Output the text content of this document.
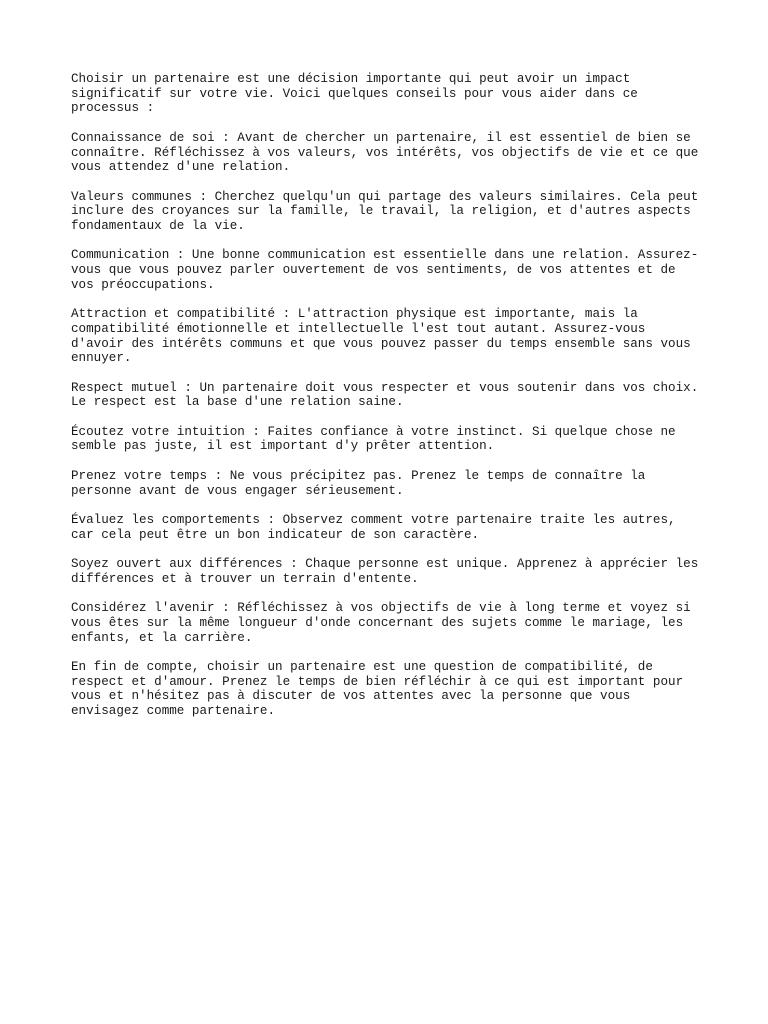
Choisir un partenaire est une décision importante qui peut avoir un impact
significatif sur votre vie. Voici quelques conseils pour vous aider dans ce
processus :

Connaissance de soi : Avant de chercher un partenaire, il est essentiel de bien se
connaître. Réfléchissez à vos valeurs, vos intérêts, vos objectifs de vie et ce que
vous attendez d'une relation.

Valeurs communes : Cherchez quelqu'un qui partage des valeurs similaires. Cela peut
inclure des croyances sur la famille, le travail, la religion, et d'autres aspects
fondamentaux de la vie.

Communication : Une bonne communication est essentielle dans une relation. Assurez-
vous que vous pouvez parler ouvertement de vos sentiments, de vos attentes et de
vos préoccupations.

Attraction et compatibilité : L'attraction physique est importante, mais la
compatibilité émotionnelle et intellectuelle l'est tout autant. Assurez-vous
d'avoir des intérêts communs et que vous pouvez passer du temps ensemble sans vous
ennuyer.

Respect mutuel : Un partenaire doit vous respecter et vous soutenir dans vos choix.
Le respect est la base d'une relation saine.

Écoutez votre intuition : Faites confiance à votre instinct. Si quelque chose ne
semble pas juste, il est important d'y prêter attention.

Prenez votre temps : Ne vous précipitez pas. Prenez le temps de connaître la
personne avant de vous engager sérieusement.

Évaluez les comportements : Observez comment votre partenaire traite les autres,
car cela peut être un bon indicateur de son caractère.

Soyez ouvert aux différences : Chaque personne est unique. Apprenez à apprécier les
différences et à trouver un terrain d'entente.

Considérez l'avenir : Réfléchissez à vos objectifs de vie à long terme et voyez si
vous êtes sur la même longueur d'onde concernant des sujets comme le mariage, les
enfants, et la carrière.

En fin de compte, choisir un partenaire est une question de compatibilité, de
respect et d'amour. Prenez le temps de bien réfléchir à ce qui est important pour
vous et n'hésitez pas à discuter de vos attentes avec la personne que vous
envisagez comme partenaire.
